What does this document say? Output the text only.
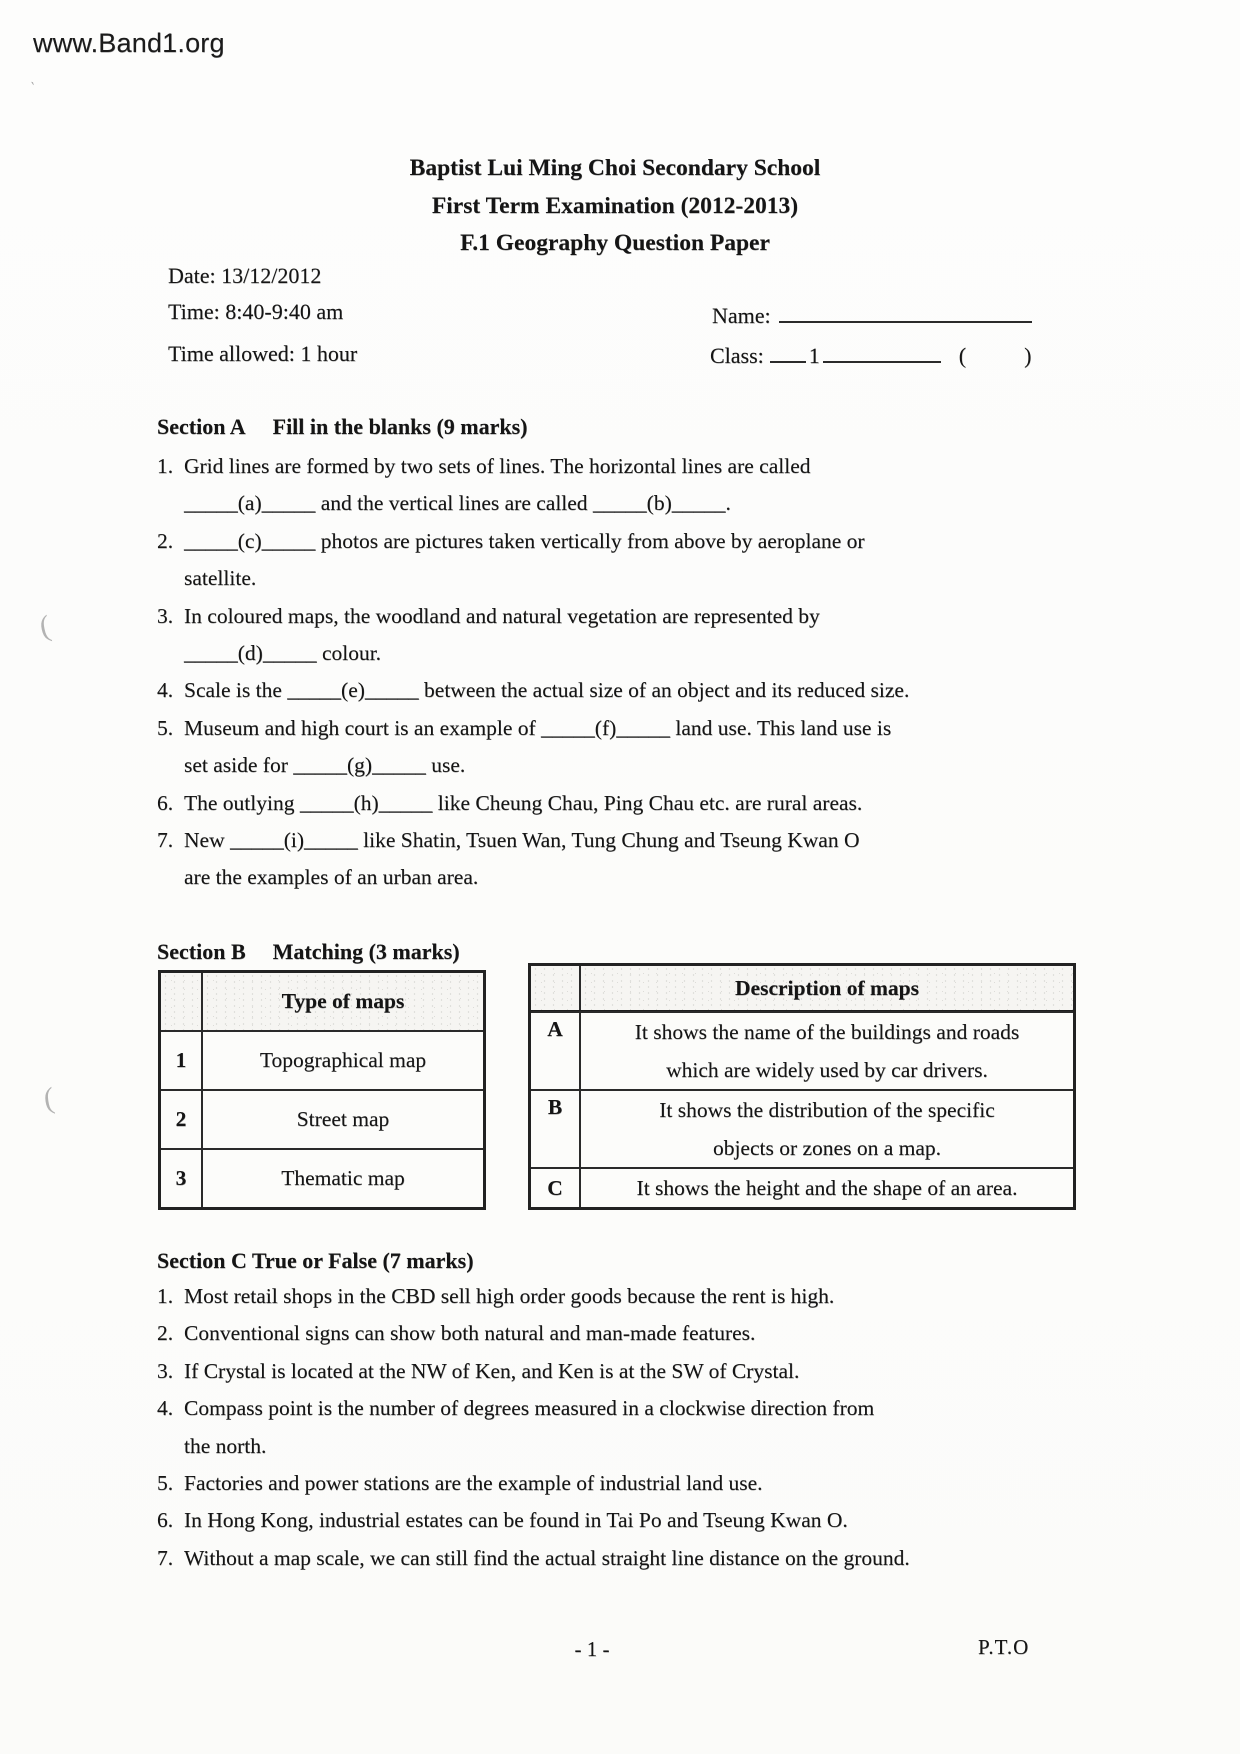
www.Band1.org
(
(
`
Baptist Lui Ming Choi Secondary School
First Term Examination (2012-2013)
F.1 Geography Question Paper
Date: 13/12/2012
Time: 8:40-9:40 am
Time allowed: 1 hour
Name:
Class: 1	(	)
Section A Fill in the blanks (9 marks)
1. Grid lines are formed by two sets of lines. The horizontal lines are called
_____(a)_____ and the vertical lines are called _____(b)_____.
2. _____(c)_____ photos are pictures taken vertically from above by aeroplane or
satellite.
3. In coloured maps, the woodland and natural vegetation are represented by
_____(d)_____ colour.
4. Scale is the _____(e)_____ between the actual size of an object and its reduced size.
5. Museum and high court is an example of _____(f)_____ land use. This land use is
set aside for _____(g)_____ use.
6. The outlying _____(h)_____ like Cheung Chau, Ping Chau etc. are rural areas.
7. New _____(i)_____ like Shatin, Tsuen Wan, Tung Chung and Tseung Kwan O
are the examples of an urban area.
Section B Matching (3 marks)
Type of maps
1	Topographical map
2	Street map
3	Thematic map
Description of maps
A	It shows the name of the buildings and roads
which are widely used by car drivers.
B	It shows the distribution of the specific
objects or zones on a map.
C	It shows the height and the shape of an area.
Section C True or False (7 marks)
1. Most retail shops in the CBD sell high order goods because the rent is high.
2. Conventional signs can show both natural and man-made features.
3. If Crystal is located at the NW of Ken, and Ken is at the SW of Crystal.
4. Compass point is the number of degrees measured in a clockwise direction from
the north.
5. Factories and power stations are the example of industrial land use.
6. In Hong Kong, industrial estates can be found in Tai Po and Tseung Kwan O.
7. Without a map scale, we can still find the actual straight line distance on the ground.
- 1 -	P.T.O
